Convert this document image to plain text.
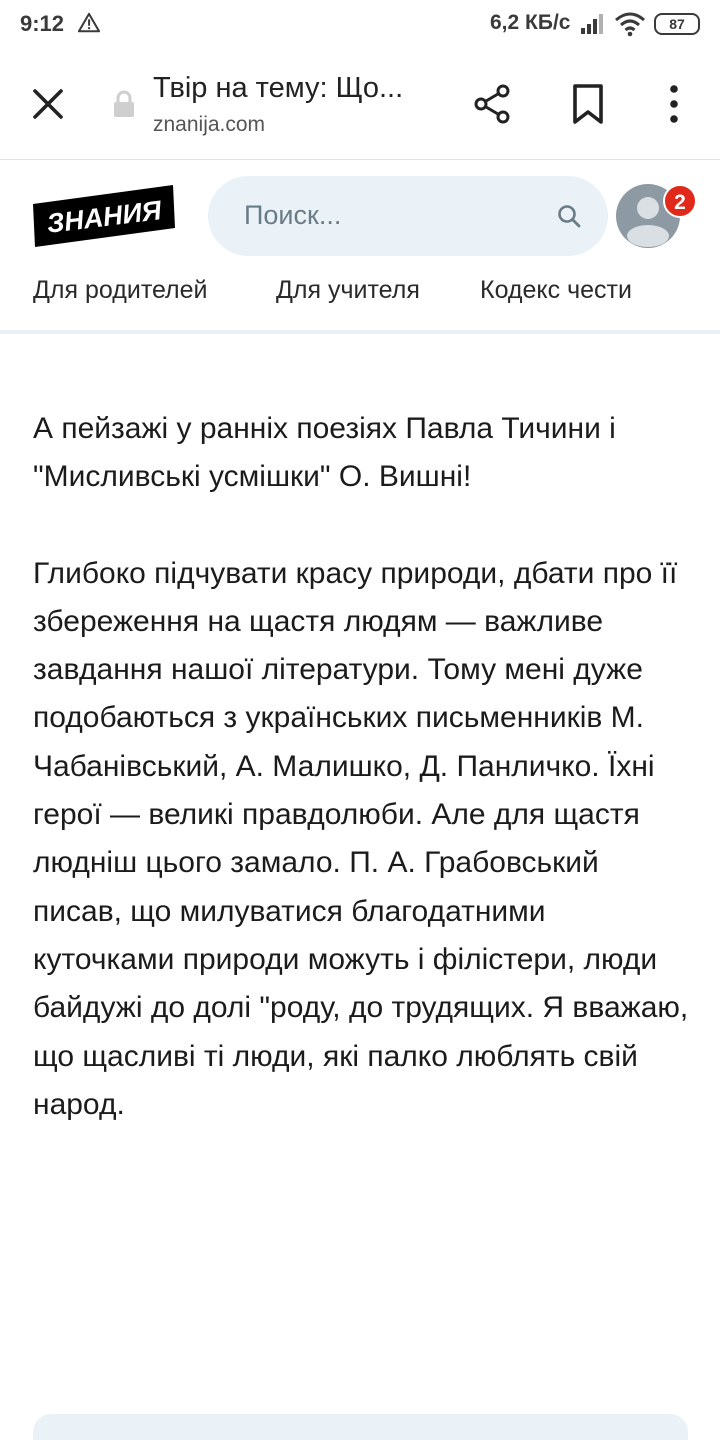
9:12	6,2 КБ/с	87
Твір на тему: Що...
znanija.com
ЗНАНИЯ	Поиск...	2
Для родителей	Для учителя Кодекс чести

А пейзажі у ранніх поезіях Павла Тичини і "Мисливські усмішки" О. Вишні!

Глибоко підчувати красу природи, дбати про її збереження на щастя людям — важливе завдання нашої літератури. Тому мені дуже подобаються з українських письменників М. Чабанівський, А. Малишко, Д. Панличко. Їхні герої — великі правдолюби. Але для щастя людніш цього замало. П. А. Грабовський писав, що милуватися благодатними куточками природи можуть і філістери, люди байдужі до долі "роду, до трудящих. Я вважаю, що щасливі ті люди, які палко люблять свій народ.
